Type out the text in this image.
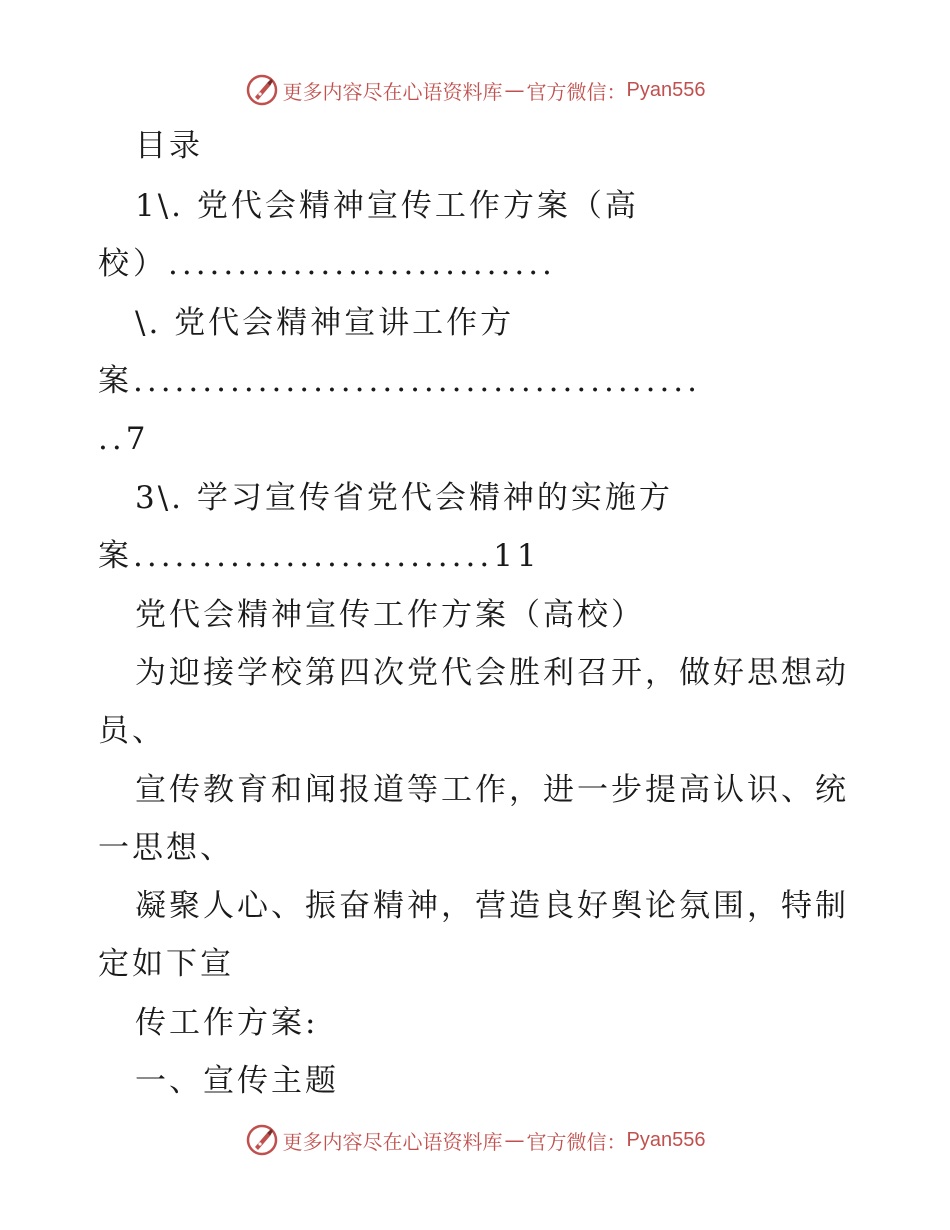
更多内容尽在心语资料库 — 官方微信： Pyan556
目录
1\. 党代会精神宣传工作方案（高
校）............................
\. 党代会精神宣讲工作方
案.........................................
..7
3\. 学习宣传省党代会精神的实施方
案..........................11
党代会精神宣传工作方案（高校）
为迎接学校第四次党代会胜利召开，做好思想动
员、
宣传教育和闻报道等工作，进一步提高认识、统
一思想、
凝聚人心、振奋精神，营造良好舆论氛围，特制
定如下宣
传工作方案:
一、宣传主题
更多内容尽在心语资料库 — 官方微信： Pyan556
